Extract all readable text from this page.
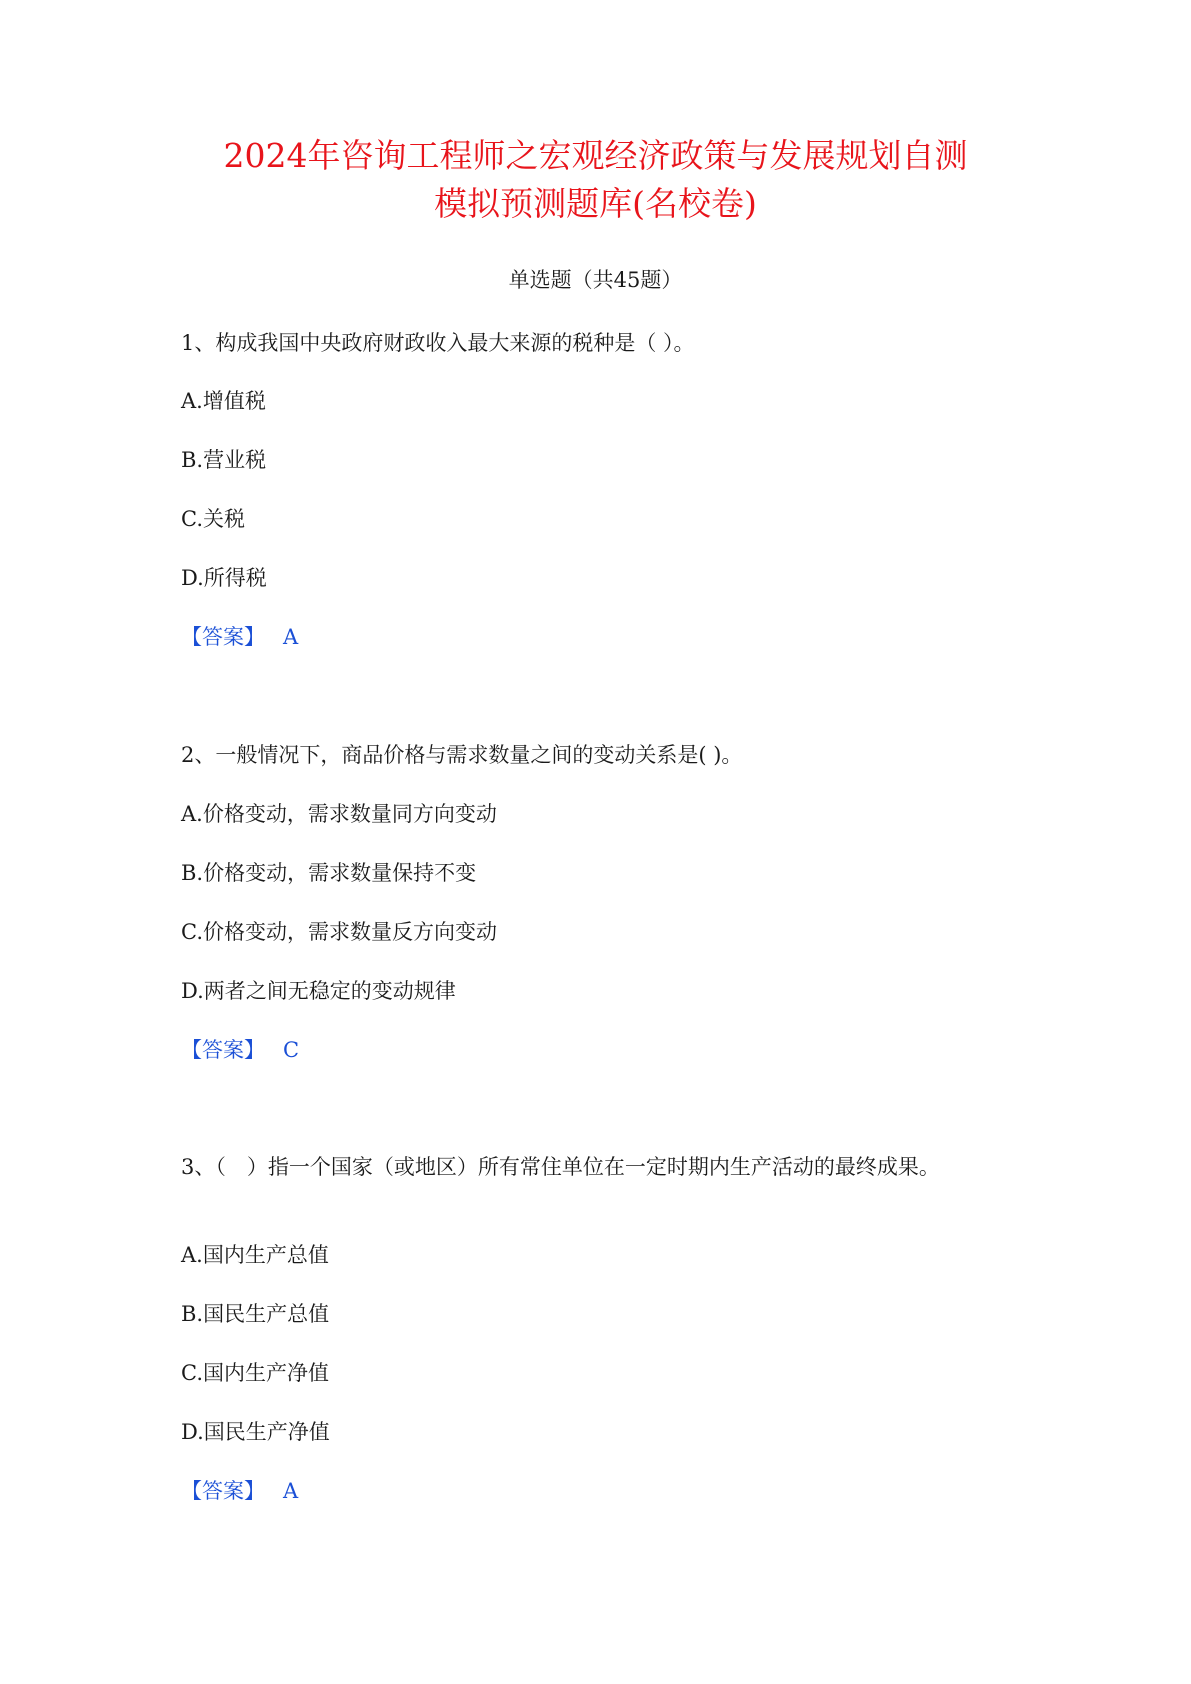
2024年咨询工程师之宏观经济政策与发展规划自测
模拟预测题库(名校卷)
单选题（共45题）
1、构成我国中央政府财政收入最大来源的税种是（ ）。
A.增值税
B.营业税
C.关税
D.所得税
【答案】 A
2、一般情况下，商品价格与需求数量之间的变动关系是( )。
A.价格变动，需求数量同方向变动
B.价格变动，需求数量保持不变
C.价格变动，需求数量反方向变动
D.两者之间无稳定的变动规律
【答案】 C
3、（　）指一个国家（或地区）所有常住单位在一定时期内生产活动的最终成果。
A.国内生产总值
B.国民生产总值
C.国内生产净值
D.国民生产净值
【答案】 A
